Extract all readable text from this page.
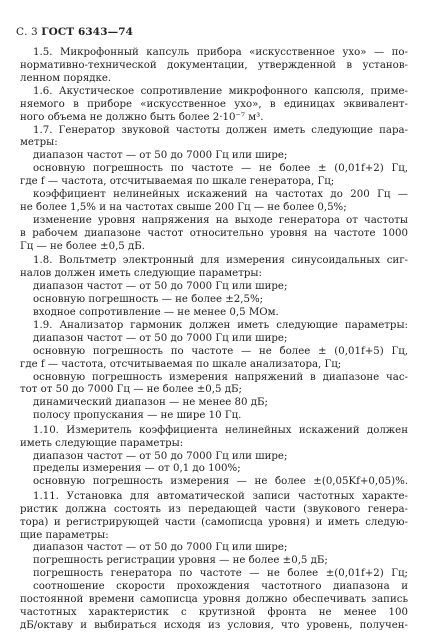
С. 3 ГОСТ 6343—74
1.5. Микрофонный капсуль прибора «искусственное ухо» — по-
нормативно-технической документации, утвержденной в установ-
ленном порядке.
1.6. Акустическое сопротивление микрофонного капсюля, приме-
няемого в приборе «искусственное ухо», в единицах эквивалент-
ного объема не должно быть более 2·10⁻⁷ м³.
1.7. Генератор звуковой частоты должен иметь следующие пара-
метры:
диапазон частот — от 50 до 7000 Гц или шире;
основную погрешность по частоте — не более ± (0,01f+2) Гц,
где f — частота, отсчитываемая по шкале генератора, Гц;
коэффициент нелинейных искажений на частотах до 200 Гц —
не более 1,5% и на частотах свыше 200 Гц — не более 0,5%;
изменение уровня напряжения на выходе генератора от частоты
в рабочем диапазоне частот относительно уровня на частоте 1000
Гц — не более ±0,5 дБ.
1.8. Вольтметр электронный для измерения синусоидальных сиг-
налов должен иметь следующие параметры:
диапазон частот — от 50 до 7000 Гц или шире;
основную погрешность — не более ±2,5%;
входное сопротивление — не менее 0,5 МОм.
1.9. Анализатор гармоник должен иметь следующие параметры:
диапазон частот — от 50 до 7000 Гц или шире;
основную погрешность по частоте — не более ± (0,01f+5) Гц,
где f — частота, отсчитываемая по шкале анализатора, Гц;
основную погрешность измерения напряжений в диапазоне час-
тот от 50 до 7000 Гц — не более ±0,5 дБ;
динамический диапазон — не менее 80 дБ;
полосу пропускания — не шире 10 Гц.
1.10. Измеритель коэффициента нелинейных искажений должен
иметь следующие параметры:
диапазон частот — от 50 до 7000 Гц или шире;
пределы измерения — от 0,1 до 100%;
основную погрешность измерения — не более ±(0,05Kf+0,05)%.
1.11. Установка для автоматической записи частотных характе-
ристик должна состоять из передающей части (звукового генера-
тора) и регистрирующей части (самописца уровня) и иметь следую-
щие параметры:
диапазон частот — от 50 до 7000 Гц или шире;
погрешность регистрации уровня — не более ±0,5 дБ;
погрешность генератора по частоте — не более ±(0,01f+2) Гц;
соотношение скорости прохождения частотного диапазона и
постоянной времени самописца уровня должно обеспечивать запись
частотных характеристик с крутизной фронта не менее 100
дБ/октаву и выбираться исходя из условия, что уровень, получен-
